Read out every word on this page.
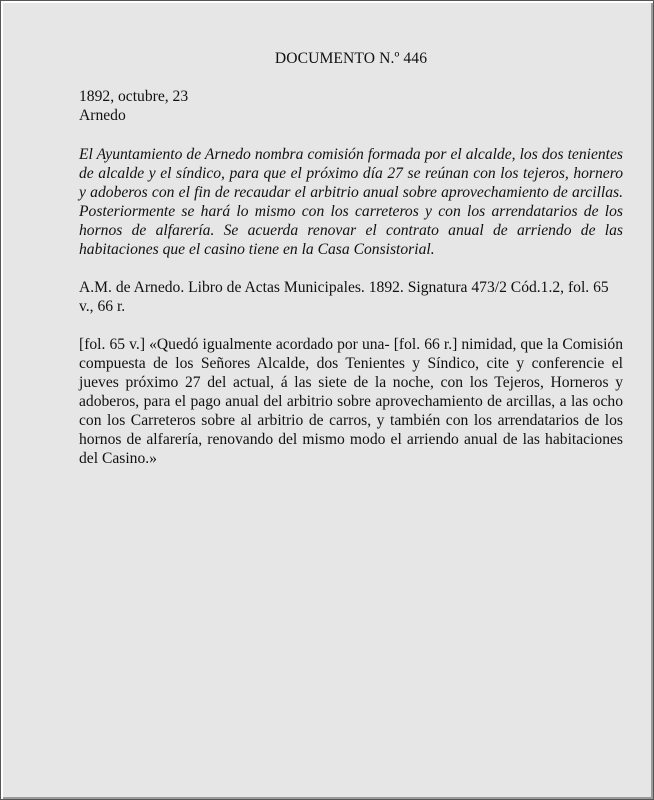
DOCUMENTO N.º 446

1892, octubre, 23

Arnedo

El Ayuntamiento de Arnedo nombra comisión formada por el alcalde, los dos tenientes de alcalde y el síndico, para que el próximo día 27 se reúnan con los tejeros, hornero y adoberos con el fin de recaudar el arbitrio anual sobre aprovechamiento de arcillas. Posteriormente se hará lo mismo con los carreteros y con los arrendatarios de los hornos de alfarería. Se acuerda renovar el contrato anual de arriendo de las habitaciones que el casino tiene en la Casa Consistorial.

A.M. de Arnedo. Libro de Actas Municipales. 1892. Signatura 473/2 Cód.1.2, fol. 65 v., 66 r.

[fol. 65 v.] «Quedó igualmente acordado por una- [fol. 66 r.] nimidad, que la Comisión compuesta de los Señores Alcalde, dos Tenientes y Síndico, cite y conferencie el jueves próximo 27 del actual, á las siete de la noche, con los Tejeros, Horneros y adoberos, para el pago anual del arbitrio sobre aprovechamiento de arcillas, a las ocho con los Carreteros sobre al arbitrio de carros, y también con los arrendatarios de los hornos de alfarería, renovando del mismo modo el arriendo anual de las habitaciones del Casino.»
